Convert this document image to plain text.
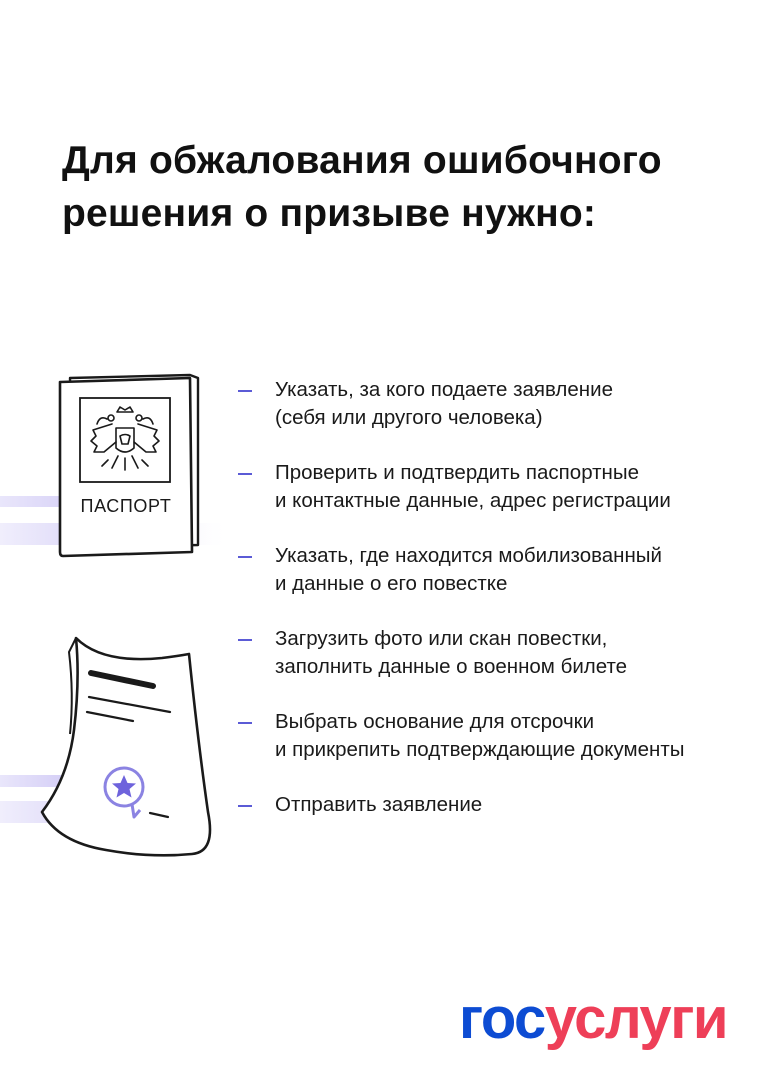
Для обжалования ошибочного
решения о призыве нужно:
ПАСПОРТ
Указать, за кого подаете заявление
(себя или другого человека)
Проверить и подтвердить паспортные
и контактные данные, адрес регистрации
Указать, где находится мобилизованный
и данные о его повестке
Загрузить фото или скан повестки,
заполнить данные о военном билете
Выбрать основание для отсрочки
и прикрепить подтверждающие документы
Отправить заявление
госуслуги
